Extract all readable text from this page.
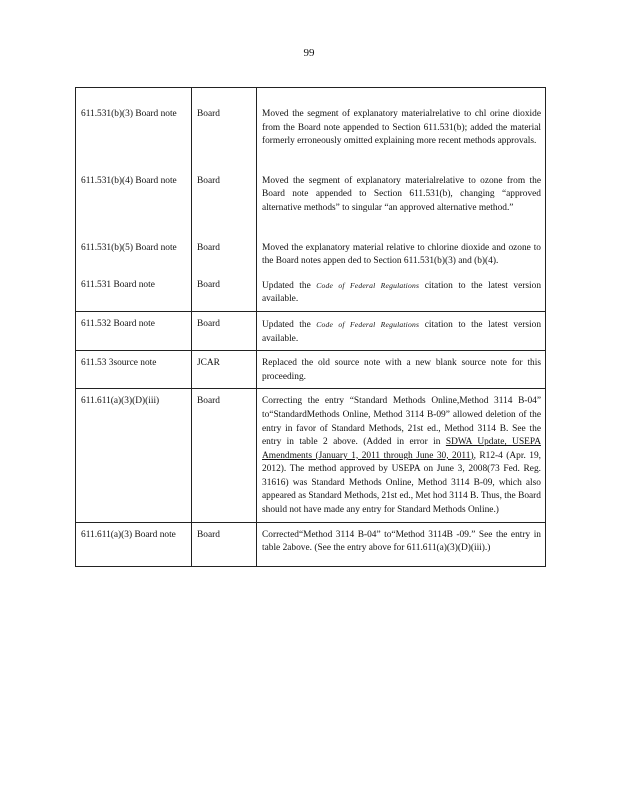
99
611.531(b)(3) Board note	Board	Moved the segment of explanatory materialrelative to chl orine dioxide from the Board note appended to Section 611.531(b); added the material formerly erroneously omitted explaining more recent methods approvals.
611.531(b)(4) Board note	Board	Moved the segment of explanatory materialrelative to ozone from the Board note appended to Section 611.531(b), changing “approved alternative methods” to singular “an approved alternative method.”
611.531(b)(5) Board note	Board	Moved the explanatory material relative to chlorine dioxide and ozone to the Board notes appen ded to Section 611.531(b)(3) and (b)(4).
611.531 Board note	Board	Updated the Code of Federal Regulations citation to the latest version available.
611.532 Board note	Board	Updated the Code of Federal Regulations citation to the latest version available.
611.53 3source note	JCAR	Replaced the old source note with a new blank source note for this proceeding.
611.611(a)(3)(D)(iii)	Board	Correcting the entry “Standard Methods Online,Method 3114 B-04” to“StandardMethods Online, Method 3114 B-09” allowed deletion of the entry in favor of Standard Methods, 21st ed., Method 3114 B. See the entry in table 2 above. (Added in error in SDWA Update, USEPA Amendments (January 1, 2011 through June 30, 2011), R12-4 (Apr. 19, 2012). The method approved by USEPA on June 3, 2008(73 Fed. Reg. 31616) was Standard Methods Online, Method 3114 B-09, which also appeared as Standard Methods, 21st ed., Met hod 3114 B. Thus, the Board should not have made any entry for Standard Methods Online.)
611.611(a)(3) Board note	Board	Corrected“Method 3114 B-04” to“Method 3114B -09.” See the entry in table 2above. (See the entry above for 611.611(a)(3)(D)(iii).)
